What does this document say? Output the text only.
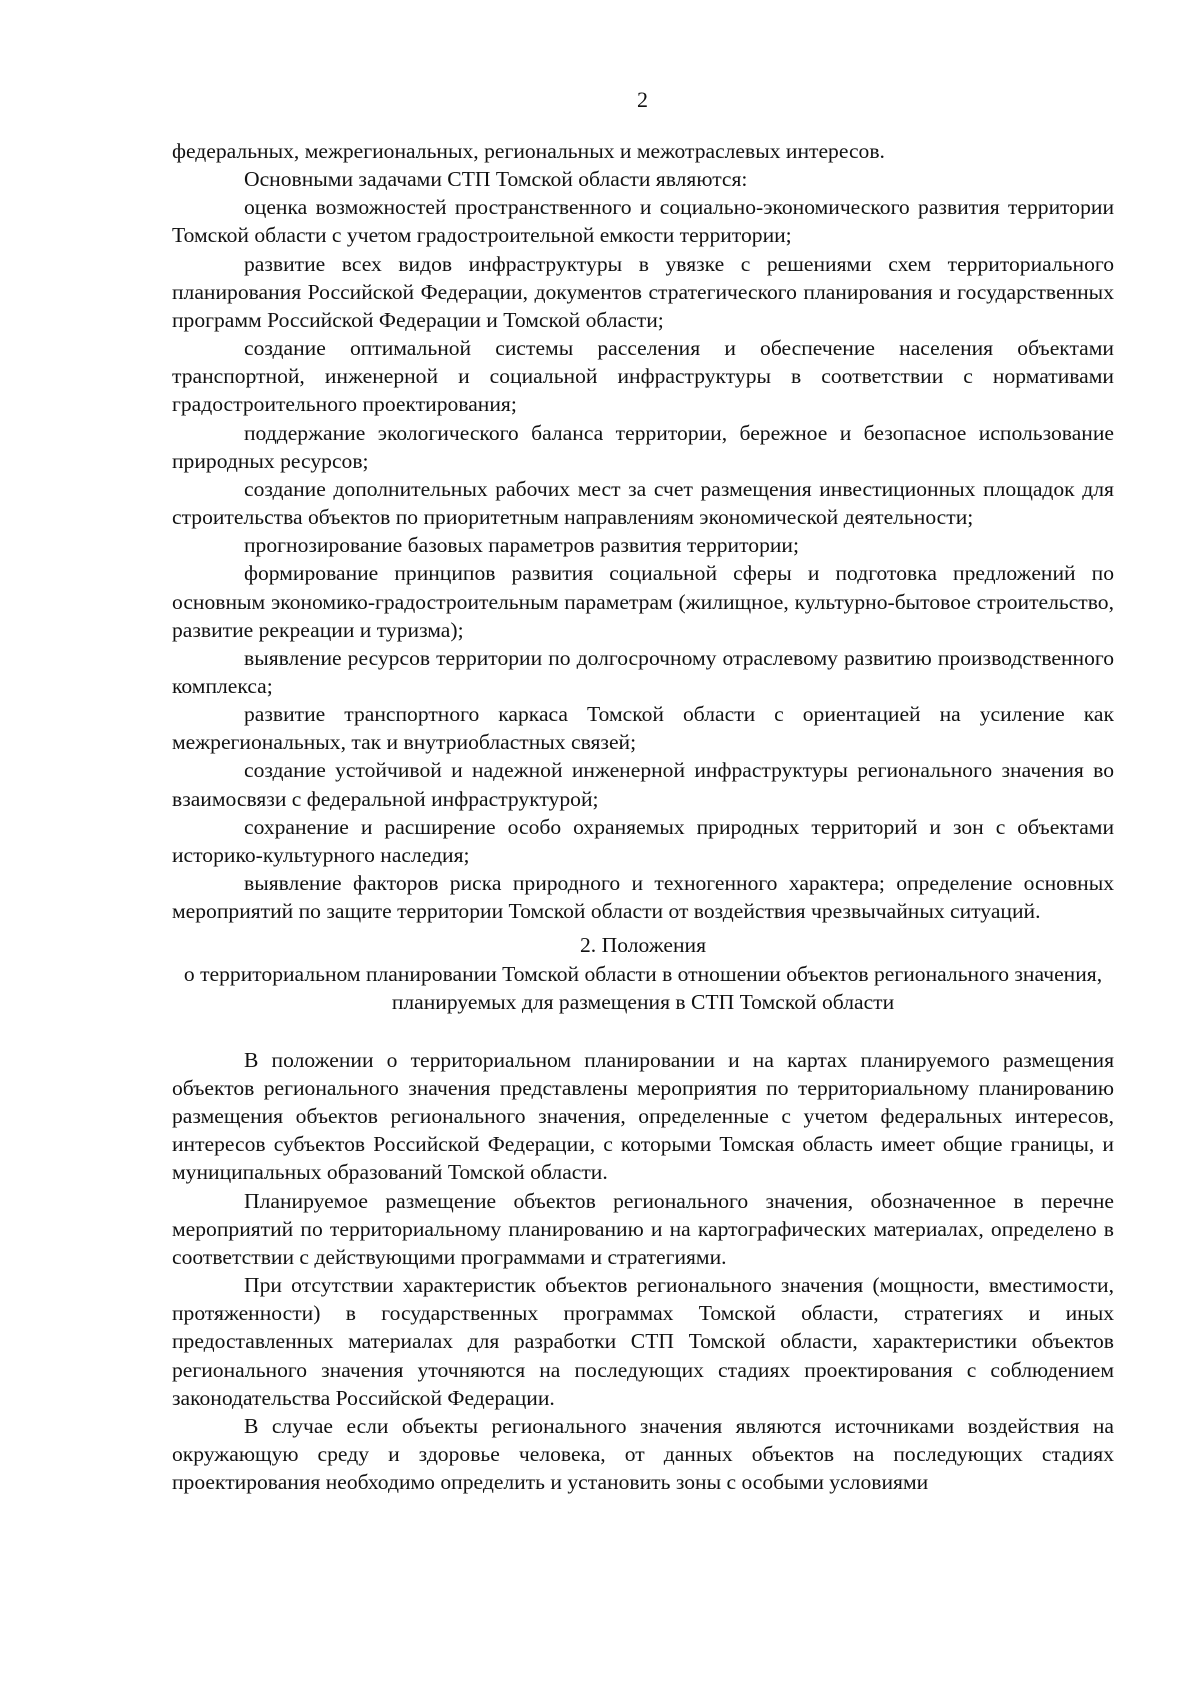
2

федеральных, межрегиональных, региональных и межотраслевых интересов.

Основными задачами СТП Томской области являются:

оценка возможностей пространственного и социально-экономического развития территории Томской области с учетом градостроительной емкости территории;

развитие всех видов инфраструктуры в увязке с решениями схем территориального планирования Российской Федерации, документов стратегического планирования и государственных программ Российской Федерации и Томской области;

создание оптимальной системы расселения и обеспечение населения объектами транспортной, инженерной и социальной инфраструктуры в соответствии с нормативами градостроительного проектирования;

поддержание экологического баланса территории, бережное и безопасное использование природных ресурсов;

создание дополнительных рабочих мест за счет размещения инвестиционных площадок для строительства объектов по приоритетным направлениям экономической деятельности;

прогнозирование базовых параметров развития территории;

формирование принципов развития социальной сферы и подготовка предложений по основным экономико-градостроительным параметрам (жилищное, культурно-бытовое строительство, развитие рекреации и туризма);

выявление ресурсов территории по долгосрочному отраслевому развитию производственного комплекса;

развитие транспортного каркаса Томской области с ориентацией на усиление как межрегиональных, так и внутриобластных связей;

создание устойчивой и надежной инженерной инфраструктуры регионального значения во взаимосвязи с федеральной инфраструктурой;

сохранение и расширение особо охраняемых природных территорий и зон с объектами историко-культурного наследия;

выявление факторов риска природного и техногенного характера; определение основных мероприятий по защите территории Томской области от воздействия чрезвычайных ситуаций.

2. Положения
о территориальном планировании Томской области в отношении объектов регионального значения, планируемых для размещения в СТП Томской области

В положении о территориальном планировании и на картах планируемого размещения объектов регионального значения представлены мероприятия по территориальному планированию размещения объектов регионального значения, определенные с учетом федеральных интересов, интересов субъектов Российской Федерации, с которыми Томская область имеет общие границы, и муниципальных образований Томской области.

Планируемое размещение объектов регионального значения, обозначенное в перечне мероприятий по территориальному планированию и на картографических материалах, определено в соответствии с действующими программами и стратегиями.

При отсутствии характеристик объектов регионального значения (мощности, вместимости, протяженности) в государственных программах Томской области, стратегиях и иных предоставленных материалах для разработки СТП Томской области, характеристики объектов регионального значения уточняются на последующих стадиях проектирования с соблюдением законодательства Российской Федерации.

В случае если объекты регионального значения являются источниками воздействия на окружающую среду и здоровье человека, от данных объектов на последующих стадиях проектирования необходимо определить и установить зоны с особыми условиями
